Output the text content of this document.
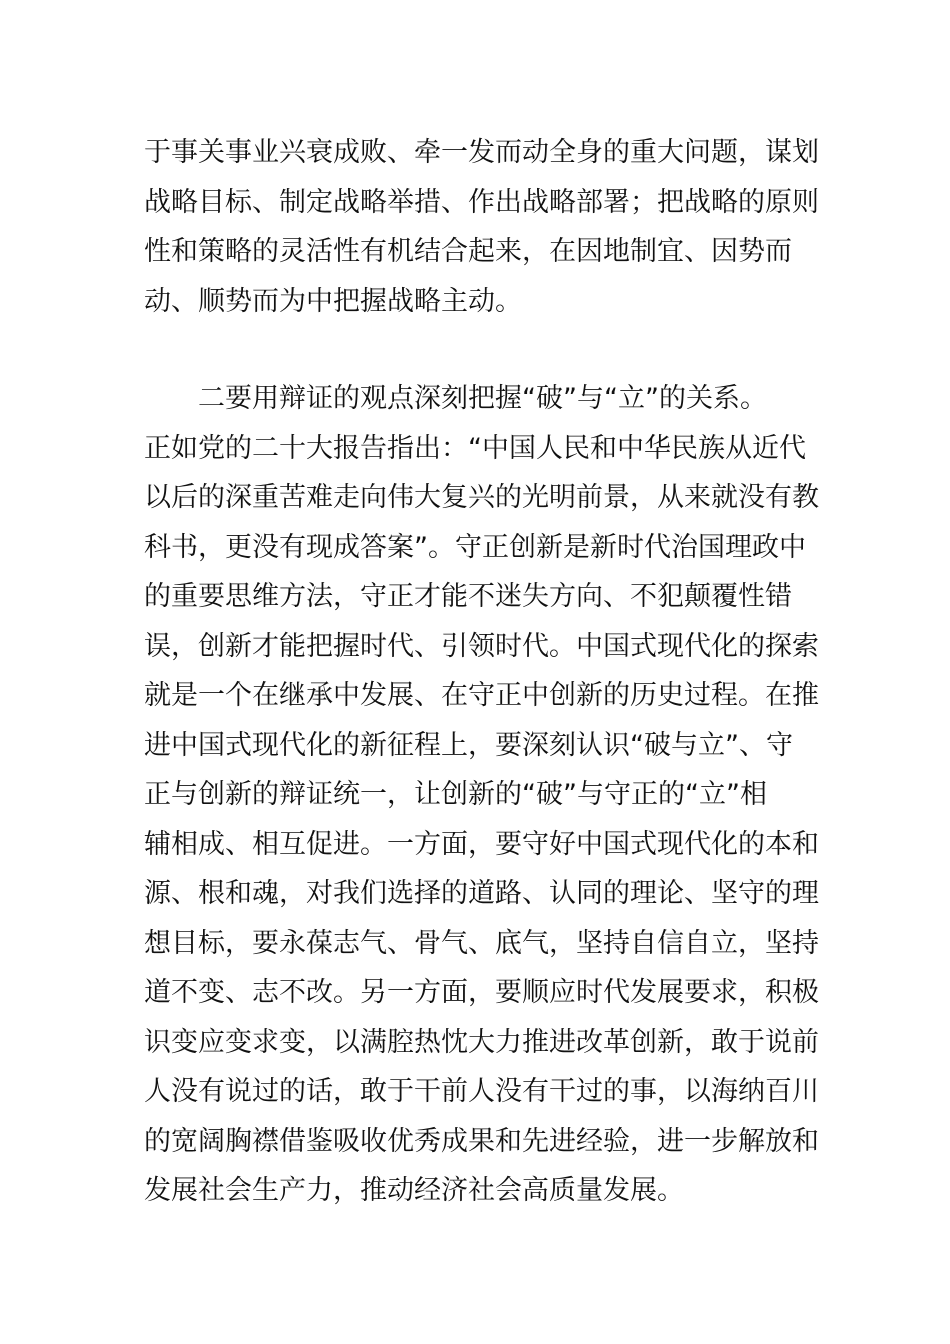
于事关事业兴衰成败、牵一发而动全身的重大问题，谋划
战略目标、制定战略举措、作出战略部署；把战略的原则
性和策略的灵活性有机结合起来，在因地制宜、因势而
动、顺势而为中把握战略主动。

二要用辩证的观点深刻把握“破”与“立”的关系。
正如党的二十大报告指出：“中国人民和中华民族从近代
以后的深重苦难走向伟大复兴的光明前景，从来就没有教
科书，更没有现成答案”。守正创新是新时代治国理政中
的重要思维方法，守正才能不迷失方向、不犯颠覆性错
误，创新才能把握时代、引领时代。中国式现代化的探索
就是一个在继承中发展、在守正中创新的历史过程。在推
进中国式现代化的新征程上，要深刻认识“破与立”、守
正与创新的辩证统一，让创新的“破”与守正的“立”相
辅相成、相互促进。一方面，要守好中国式现代化的本和
源、根和魂，对我们选择的道路、认同的理论、坚守的理
想目标，要永葆志气、骨气、底气，坚持自信自立，坚持
道不变、志不改。另一方面，要顺应时代发展要求，积极
识变应变求变，以满腔热忱大力推进改革创新，敢于说前
人没有说过的话，敢于干前人没有干过的事，以海纳百川
的宽阔胸襟借鉴吸收优秀成果和先进经验，进一步解放和
发展社会生产力，推动经济社会高质量发展。
